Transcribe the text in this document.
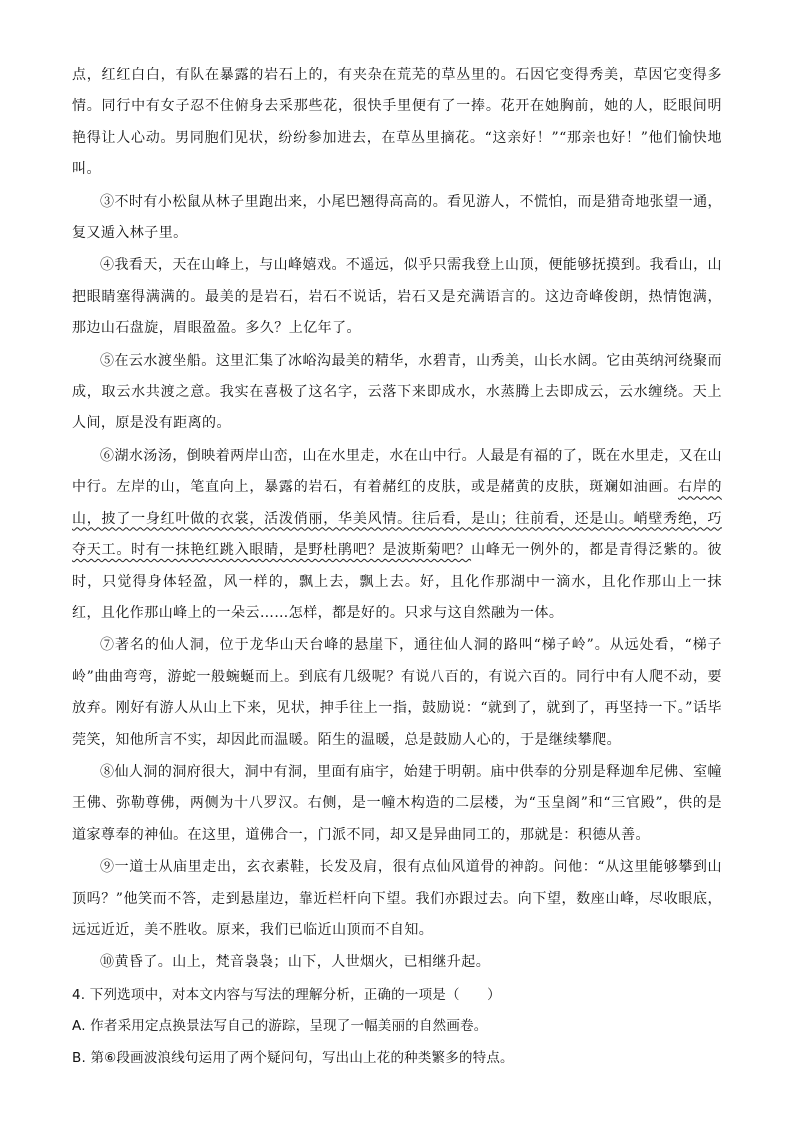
点，红红白白，有队在暴露的岩石上的，有夹杂在荒芜的草丛里的。石因它变得秀美，草因它变得多情。同行中有女子忍不住俯身去采那些花，很快手里便有了一捧。花开在她胸前，她的人，眨眼间明艳得让人心动。男同胞们见状，纷纷参加进去，在草丛里摘花。“这亲好！”“那亲也好！”他们愉快地叫。

③不时有小松鼠从林子里跑出来，小尾巴翘得高高的。看见游人，不慌怕，而是猎奇地张望一通，复又遁入林子里。

④我看天，天在山峰上，与山峰嬉戏。不遥远，似乎只需我登上山顶，便能够抚摸到。我看山，山把眼睛塞得满满的。最美的是岩石，岩石不说话，岩石又是充满语言的。这边奇峰俊朗，热情饱满，那边山石盘旋，眉眼盈盈。多久？上亿年了。

⑤在云水渡坐船。这里汇集了冰峪沟最美的精华，水碧青，山秀美，山长水阔。它由英纳河绕聚而成，取云水共渡之意。我实在喜极了这名字，云落下来即成水，水蒸腾上去即成云，云水缠绕。天上人间，原是没有距离的。

⑥湖水汤汤，倒映着两岸山峦，山在水里走，水在山中行。人最是有福的了，既在水里走，又在山中行。左岸的山，笔直向上，暴露的岩石，有着赭红的皮肤，或是赭黄的皮肤，斑斓如油画。右岸的山，披了一身红叶做的衣裳，活泼俏丽，华美风情。往后看，是山；往前看，还是山。峭壁秀绝，巧夺天工。时有一抹艳红跳入眼睛，是野杜鹃吧？是波斯菊吧？山峰无一例外的，都是青得泛紫的。彼时，只觉得身体轻盈，风一样的，飘上去，飘上去。好，且化作那湖中一滴水，且化作那山上一抹红，且化作那山峰上的一朵云……怎样，都是好的。只求与这自然融为一体。

⑦著名的仙人洞，位于龙华山天台峰的悬崖下，通往仙人洞的路叫“梯子岭”。从远处看，“梯子岭”曲曲弯弯，游蛇一般蜿蜒而上。到底有几级呢？有说八百的，有说六百的。同行中有人爬不动，要放弃。刚好有游人从山上下来，见状，抻手往上一指，鼓励说：“就到了，就到了，再坚持一下。”话毕莞笑，知他所言不实，却因此而温暖。陌生的温暖，总是鼓励人心的，于是继续攀爬。

⑧仙人洞的洞府很大，洞中有洞，里面有庙宇，始建于明朝。庙中供奉的分别是释迦牟尼佛、室幢王佛、弥勒尊佛，两侧为十八罗汉。右侧，是一幢木构造的二层楼，为“玉皇阁”和“三官殿”，供的是道家尊奉的神仙。在这里，道佛合一，门派不同，却又是异曲同工的，那就是：积德从善。

⑨一道士从庙里走出，玄衣素鞋，长发及肩，很有点仙风道骨的神韵。问他：“从这里能够攀到山顶吗？”他笑而不答，走到悬崖边，靠近栏杆向下望。我们亦跟过去。向下望，数座山峰，尽收眼底，远远近近，美不胜收。原来，我们已临近山顶而不自知。

⑩黄昏了。山上，梵音袅袅；山下，人世烟火，已相继升起。

4. 下列选项中，对本文内容与写法的理解分析，正确的一项是（　　）

A. 作者采用定点换景法写自己的游踪，呈现了一幅美丽的自然画卷。

B. 第⑥段画波浪线句运用了两个疑问句，写出山上花的种类繁多的特点。
